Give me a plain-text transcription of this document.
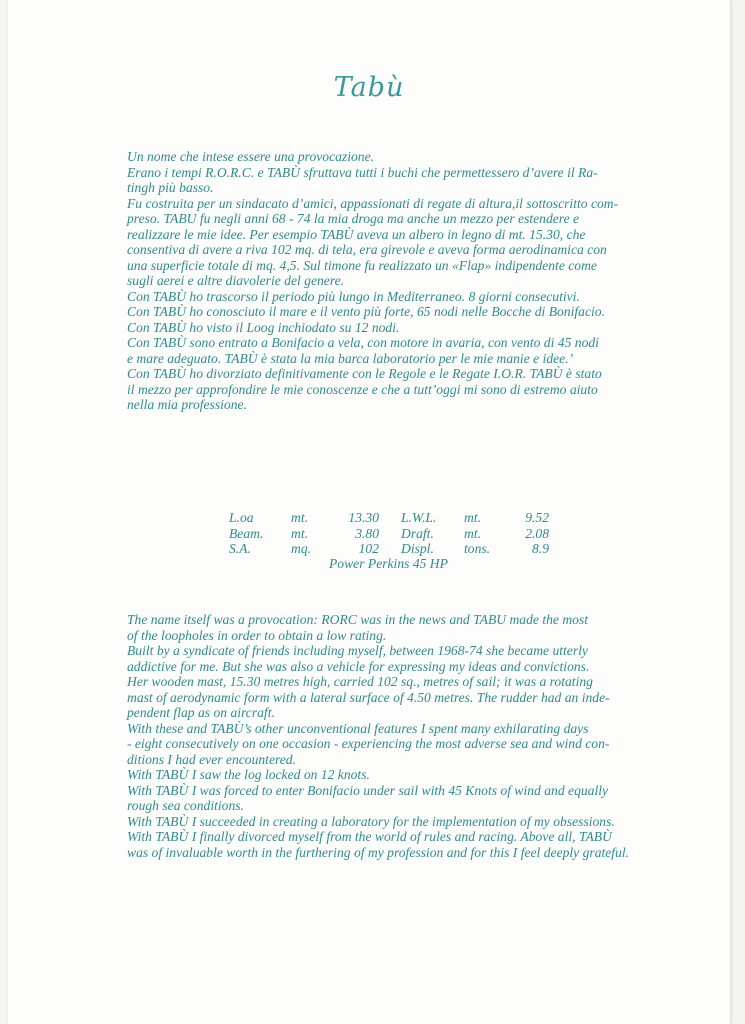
Tabù
Un nome che intese essere una provocazione.
Erano i tempi R.O.R.C. e TABÙ sfruttava tutti i buchi che permettessero d’avere il Ra-
tingh più basso.
Fu costruita per un sindacato d’amici, appassionati di regate di altura,il sottoscritto com-
preso. TABU fu negli anni 68 - 74 la mia droga ma anche un mezzo per estendere e
realizzare le mie idee. Per esempio TABÙ aveva un albero in legno di mt. 15.30, che
consentiva di avere a riva 102 mq. di tela, era girevole e aveva forma aerodinamica con
una superficie totale di mq. 4,5. Sul timone fu realizzato un «Flap» indipendente come
sugli aerei e altre diavolerie del genere.
Con TABÙ ho trascorso il periodo più lungo in Mediterraneo. 8 giorni consecutivi.
Con TABÙ ho conosciuto il mare e il vento più forte, 65 nodi nelle Bocche di Bonifacio.
Con TABÙ ho visto il Loog inchiodato su 12 nodi.
Con TABÙ sono entrato a Bonifacio a vela, con motore in avaria, con vento di 45 nodi
e mare adeguato. TABÙ è stata la mia barca laboratorio per le mie manie e idee.’
Con TABÙ ho divorziato definitivamente con le Regole e le Regate I.O.R. TABÙ è stato
il mezzo per approfondire le mie conoscenze e che a tutt’oggi mi sono di estremo aiuto
nella mia professione.
L.oa	mt.	13.30 L.W.L. mt.	9.52
Beam. mt.	3.80 Draft. mt.	2.08
S.A.	mq.	102 Displ. tons.	8.9
Power Perkins 45 HP
The name itself was a provocation: RORC was in the news and TABU made the most
of the loopholes in order to obtain a low rating.
Built by a syndicate of friends including myself, between 1968-74 she became utterly
addictive for me. But she was also a vehicle for expressing my ideas and convictions.
Her wooden mast, 15.30 metres high, carried 102 sq., metres of sail; it was a rotating
mast of aerodynamic form with a lateral surface of 4.50 metres. The rudder had an inde-
pendent flap as on aircraft.
With these and TABÙ’s other unconventional features I spent many exhilarating days
- eight consecutively on one occasion - experiencing the most adverse sea and wind con-
ditions I had ever encountered.
With TABÙ I saw the log locked on 12 knots.
With TABÙ I was forced to enter Bonifacio under sail with 45 Knots of wind and equally
rough sea conditions.
With TABÙ I succeeded in creating a laboratory for the implementation of my obsessions.
With TABÙ I finally divorced myself from the world of rules and racing. Above all, TABÙ
was of invaluable worth in the furthering of my profession and for this I feel deeply grateful.
